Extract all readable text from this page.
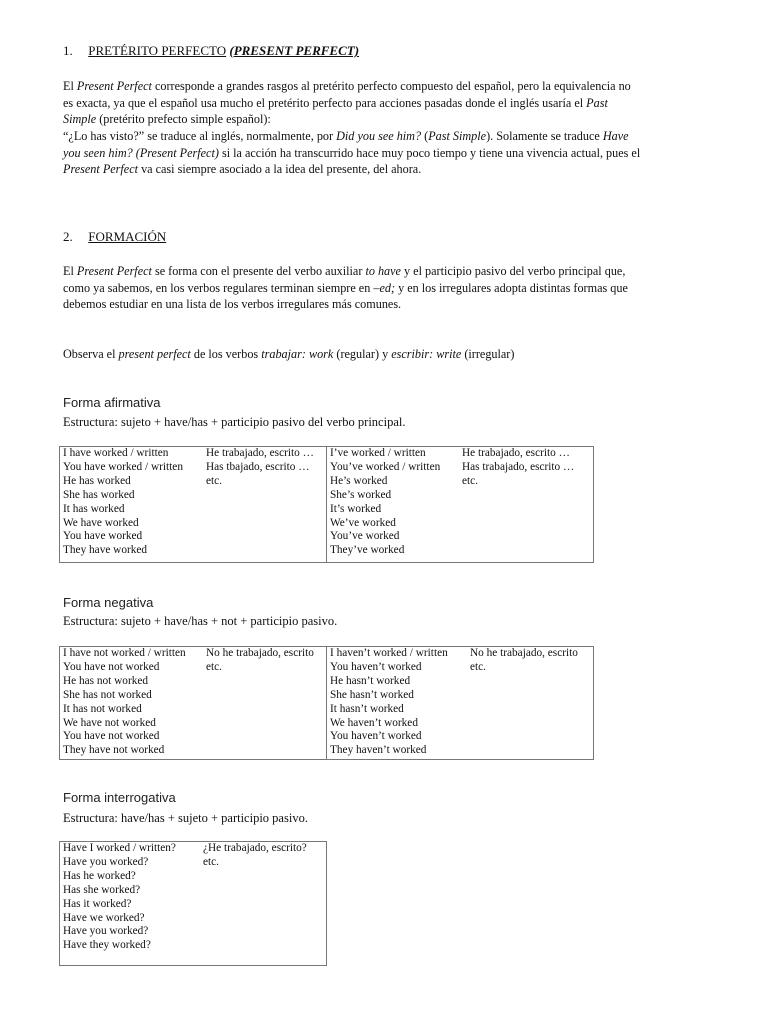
1. PRETÉRITO PERFECTO (PRESENT PERFECT)
El Present Perfect corresponde a grandes rasgos al pretérito perfecto compuesto del español, pero la equivalencia no es exacta, ya que el español usa mucho el pretérito perfecto para acciones pasadas donde el inglés usaría el Past Simple (pretérito prefecto simple español):
“¿Lo has visto?” se traduce al inglés, normalmente, por Did you see him? (Past Simple). Solamente se traduce Have you seen him? (Present Perfect) si la acción ha transcurrido hace muy poco tiempo y tiene una vivencia actual, pues el Present Perfect va casi siempre asociado a la idea del presente, del ahora.
2. FORMACIÓN
El Present Perfect se forma con el presente del verbo auxiliar to have y el participio pasivo del verbo principal que, como ya sabemos, en los verbos regulares terminan siempre en –ed; y en los irregulares adopta distintas formas que debemos estudiar en una lista de los verbos irregulares más comunes.
Observa el present perfect de los verbos trabajar: work (regular) y escribir: write (irregular)
Forma afirmativa
Estructura: sujeto + have/has + participio pasivo del verbo principal.
I have worked / written	He trabajado, escrito …
You have worked / written Has tbajado, escrito …
He has worked	etc.
She has worked
It has worked
We have worked
You have worked
They have worked

I’ve worked / written	He trabajado, escrito …
You’ve worked / written Has trabajado, escrito …
He’s worked	etc.
She’s worked
It’s worked
We’ve worked
You’ve worked
They’ve worked
Forma negativa
Estructura: sujeto + have/has + not + participio pasivo.
I have not worked / written No he trabajado, escrito
You have not worked	etc.
He has not worked
She has not worked
It has not worked
We have not worked
You have not worked
They have not worked

I haven’t worked / written No he trabajado, escrito
You haven’t worked	etc.
He hasn’t worked
She hasn’t worked
It hasn’t worked
We haven’t worked
You haven’t worked
They haven’t worked
Forma interrogativa
Estructura: have/has + sujeto + participio pasivo.
Have I worked / written? ¿He trabajado, escrito?
Have you worked?	etc.
Has he worked?
Has she worked?
Has it worked?
Have we worked?
Have you worked?
Have they worked?
